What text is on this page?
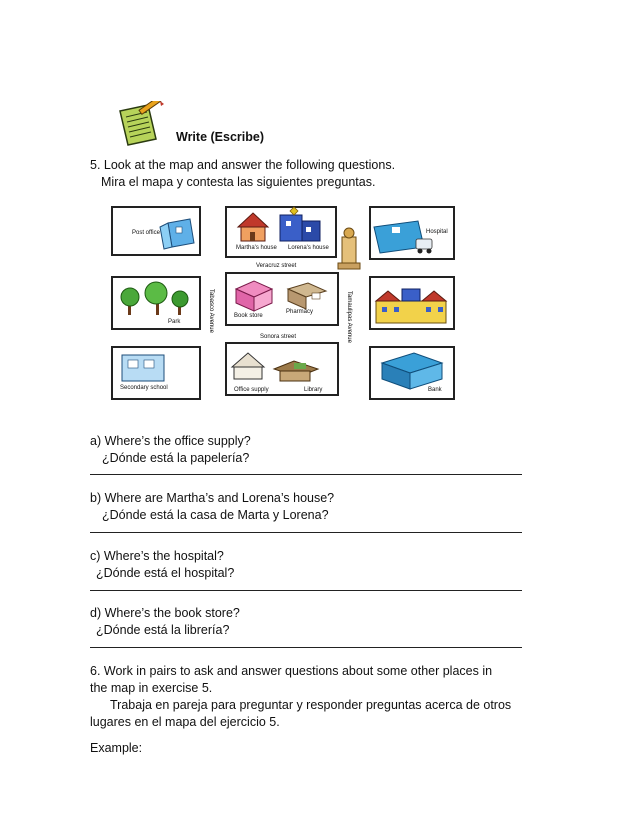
Write (Escribe)
5. Look at the map and answer the following questions.
Mira el mapa y contesta las siguientes preguntas.
Post office
Martha's house Lorena's house
Hospital
Veracruz street
Park
Book store
Pharmacy
Sonora street
Tabasco Avenue	Tamaulipas Avenue
Secondary school	Office supply	Library	Bank
a) Where’s the office supply?
¿Dónde está la papelería?
b) Where are Martha’s and Lorena’s house?
¿Dónde está la casa de Marta y Lorena?
c) Where’s the hospital?
¿Dónde está el hospital?
d) Where’s the book store?
¿Dónde está la librería?
6. Work in pairs to ask and answer questions about some other places in
the map in exercise 5.
Trabaja en pareja para preguntar y responder preguntas acerca de otros
lugares en el mapa del ejercicio 5.
Example:
